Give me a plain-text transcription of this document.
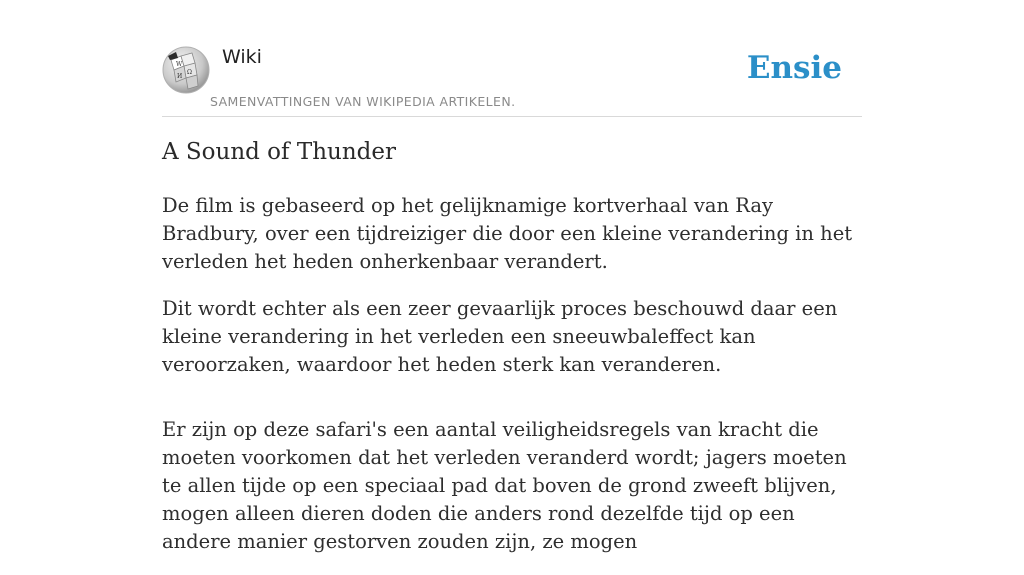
W
Ω
И
Wiki
SAMENVATTINGEN VAN WIKIPEDIA ARTIKELEN.
Ensie
A Sound of Thunder

De film is gebaseerd op het gelijknamige kortverhaal van Ray Bradbury, over een tijdreiziger die door een kleine verandering in het verleden het heden onherkenbaar verandert.

Dit wordt echter als een zeer gevaarlijk proces beschouwd daar een kleine verandering in het verleden een sneeuwbaleffect kan veroorzaken, waardoor het heden sterk kan veranderen.

Er zijn op deze safari's een aantal veiligheidsregels van kracht die moeten voorkomen dat het verleden veranderd wordt; jagers moeten te allen tijde op een speciaal pad dat boven de grond zweeft blijven, mogen alleen dieren doden die anders rond dezelfde tijd op een andere manier gestorven zouden zijn, ze mogen
